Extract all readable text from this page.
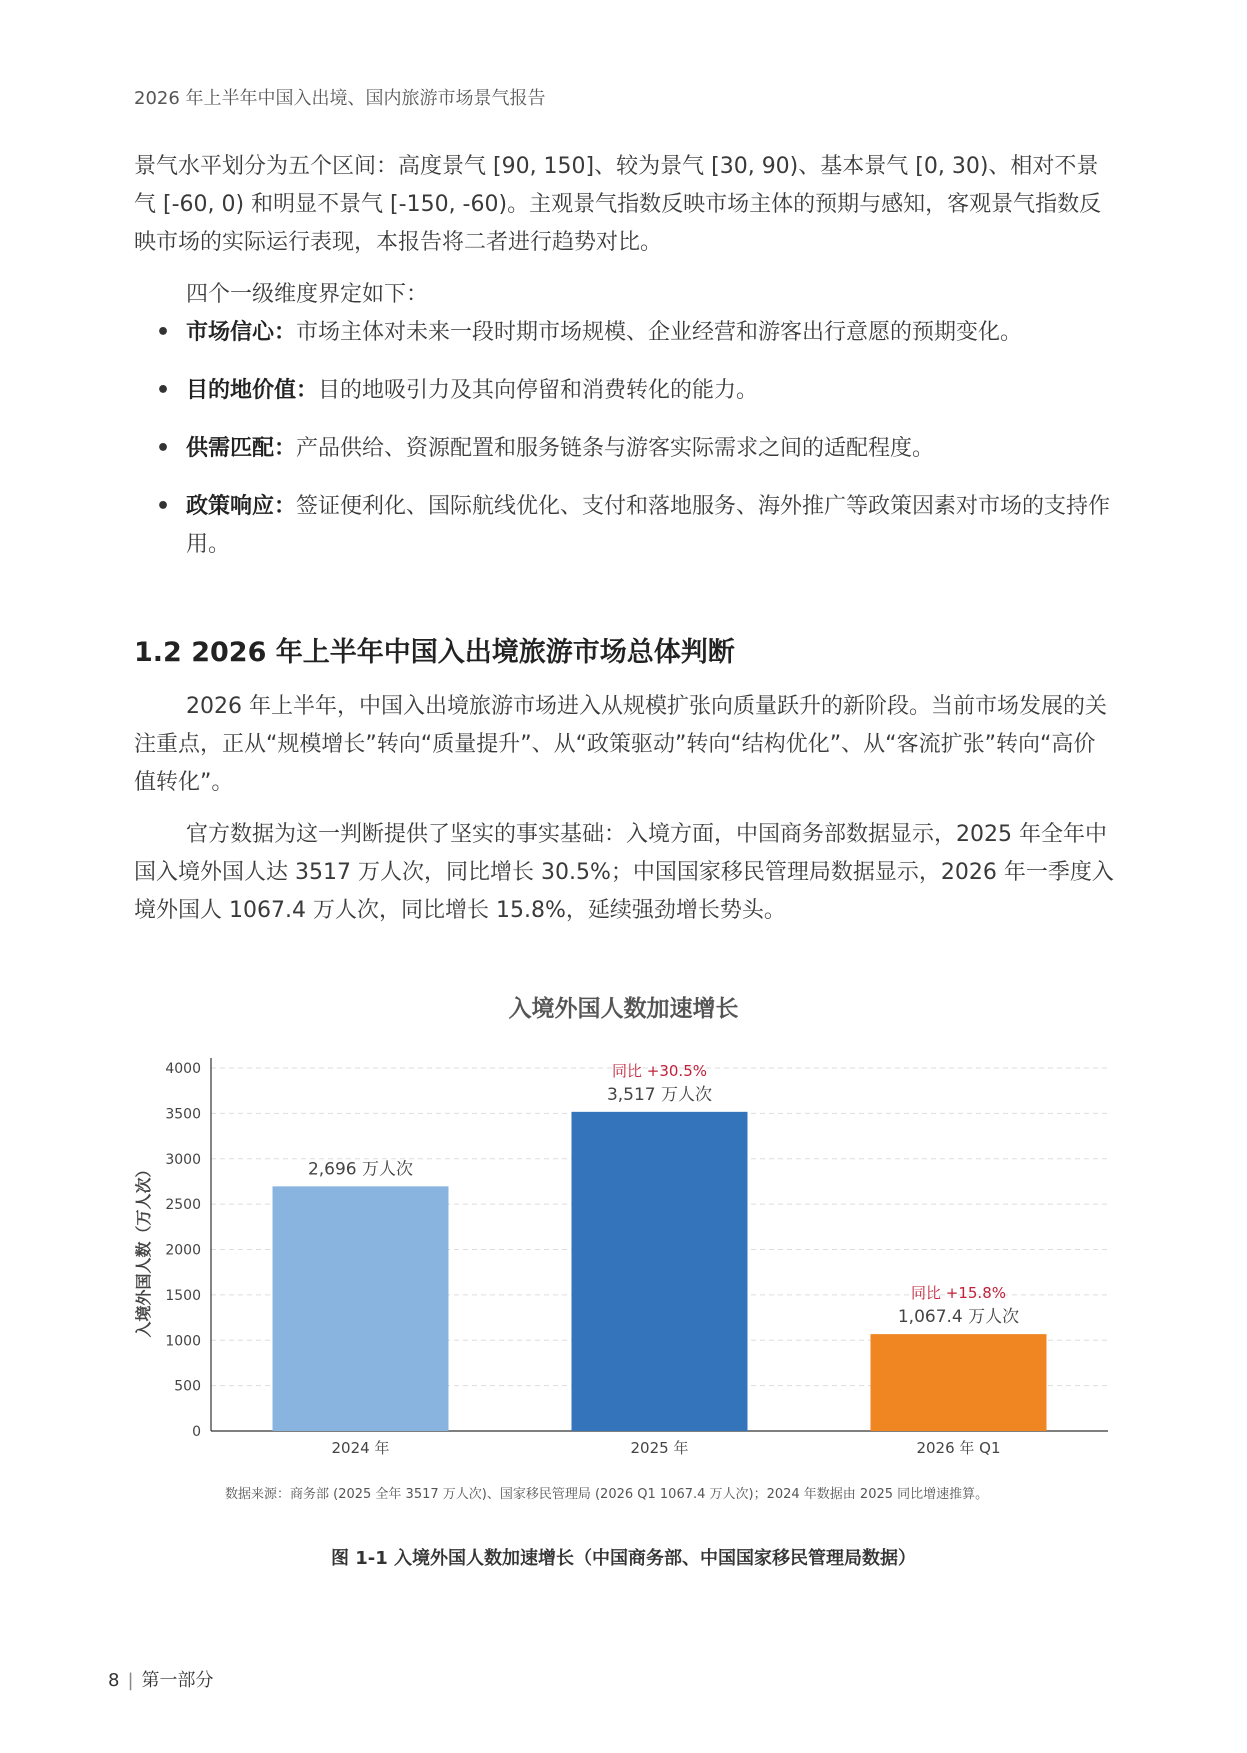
2026 年上半年中国入出境、国内旅游市场景气报告

景气水平划分为五个区间：高度景气 [90, 150]、较为景气 [30, 90)、基本景气 [0, 30)、相对不景气 [-60, 0) 和明显不景气 [-150, -60)。主观景气指数反映市场主体的预期与感知，客观景气指数反映市场的实际运行表现，本报告将二者进行趋势对比。

四个一级维度界定如下：

• 市场信心：市场主体对未来一段时期市场规模、企业经营和游客出行意愿的预期变化。
• 目的地价值：目的地吸引力及其向停留和消费转化的能力。
• 供需匹配：产品供给、资源配置和服务链条与游客实际需求之间的适配程度。
• 政策响应：签证便利化、国际航线优化、支付和落地服务、海外推广等政策因素对市场的支持作用。
1.2 2026 年上半年中国入出境旅游市场总体判断

2026 年上半年，中国入出境旅游市场进入从规模扩张向质量跃升的新阶段。当前市场发展的关注重点，正从“规模增长”转向“质量提升”、从“政策驱动”转向“结构优化”、从“客流扩张”转向“高价值转化”。

官方数据为这一判断提供了坚实的事实基础：入境方面，中国商务部数据显示，2025 年全年中国入境外国人达 3517 万人次，同比增长 30.5%；中国国家移民管理局数据显示，2026 年一季度入境外国人 1067.4 万人次，同比增长 15.8%，延续强劲增长势头。

入境外国人数加速增长
0
500
1000
1500
2000
2500
3000
3500
4000
入境外国人数（万人次）
2024 年
2,696 万人次
2025 年
3,517 万人次
同比 +30.5%
2026 年 Q1
1,067.4 万人次
同比 +15.8%
数据来源：商务部 (2025 全年 3517 万人次)、国家移民管理局 (2026 Q1 1067.4 万人次)；2024 年数据由 2025 同比增速推算。
图 1-1 入境外国人数加速增长（中国商务部、中国国家移民管理局数据）
8 | 第一部分
